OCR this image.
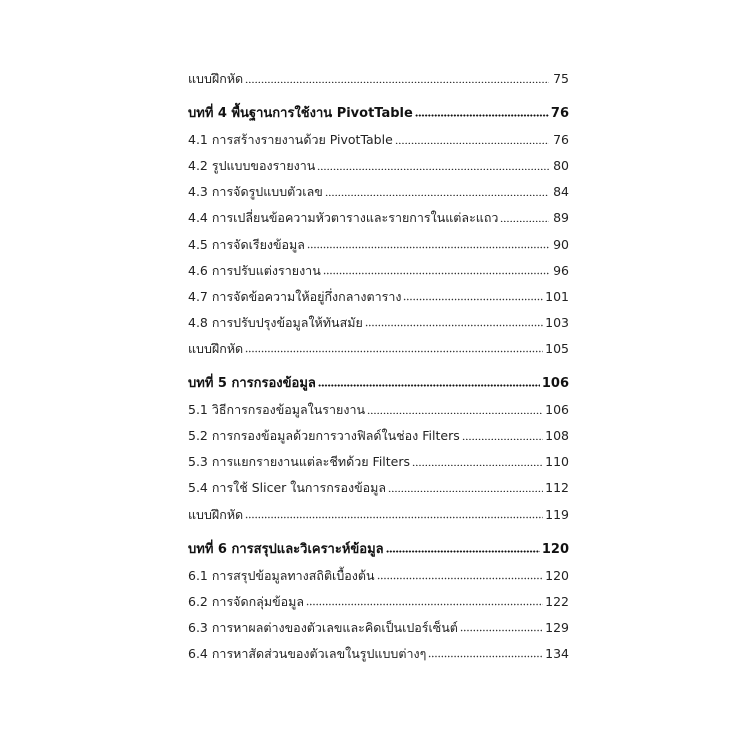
แบบฝึกหัด	75
บทที่ 4 พื้นฐานการใช้งาน PivotTable	76
4.1 การสร้างรายงานด้วย PivotTable	76
4.2 รูปแบบของรายงาน	80
4.3 การจัดรูปแบบตัวเลข	84
4.4 การเปลี่ยนข้อความหัวตารางและรายการในแต่ละแถว	89
4.5 การจัดเรียงข้อมูล	90
4.6 การปรับแต่งรายงาน	96
4.7 การจัดข้อความให้อยู่กึ่งกลางตาราง	101
4.8 การปรับปรุงข้อมูลให้ทันสมัย	103
แบบฝึกหัด	105
บทที่ 5 การกรองข้อมูล	106
5.1 วิธีการกรองข้อมูลในรายงาน	106
5.2 การกรองข้อมูลด้วยการวางฟิลด์ในช่อง Filters	108
5.3 การแยกรายงานแต่ละชีทด้วย Filters	110
5.4 การใช้ Slicer ในการกรองข้อมูล	112
แบบฝึกหัด	119
บทที่ 6 การสรุปและวิเคราะห์ข้อมูล	120
6.1 การสรุปข้อมูลทางสถิติเบื้องต้น	120
6.2 การจัดกลุ่มข้อมูล	122
6.3 การหาผลต่างของตัวเลขและคิดเป็นเปอร์เซ็นต์	129
6.4 การหาสัดส่วนของตัวเลขในรูปแบบต่างๆ	134
